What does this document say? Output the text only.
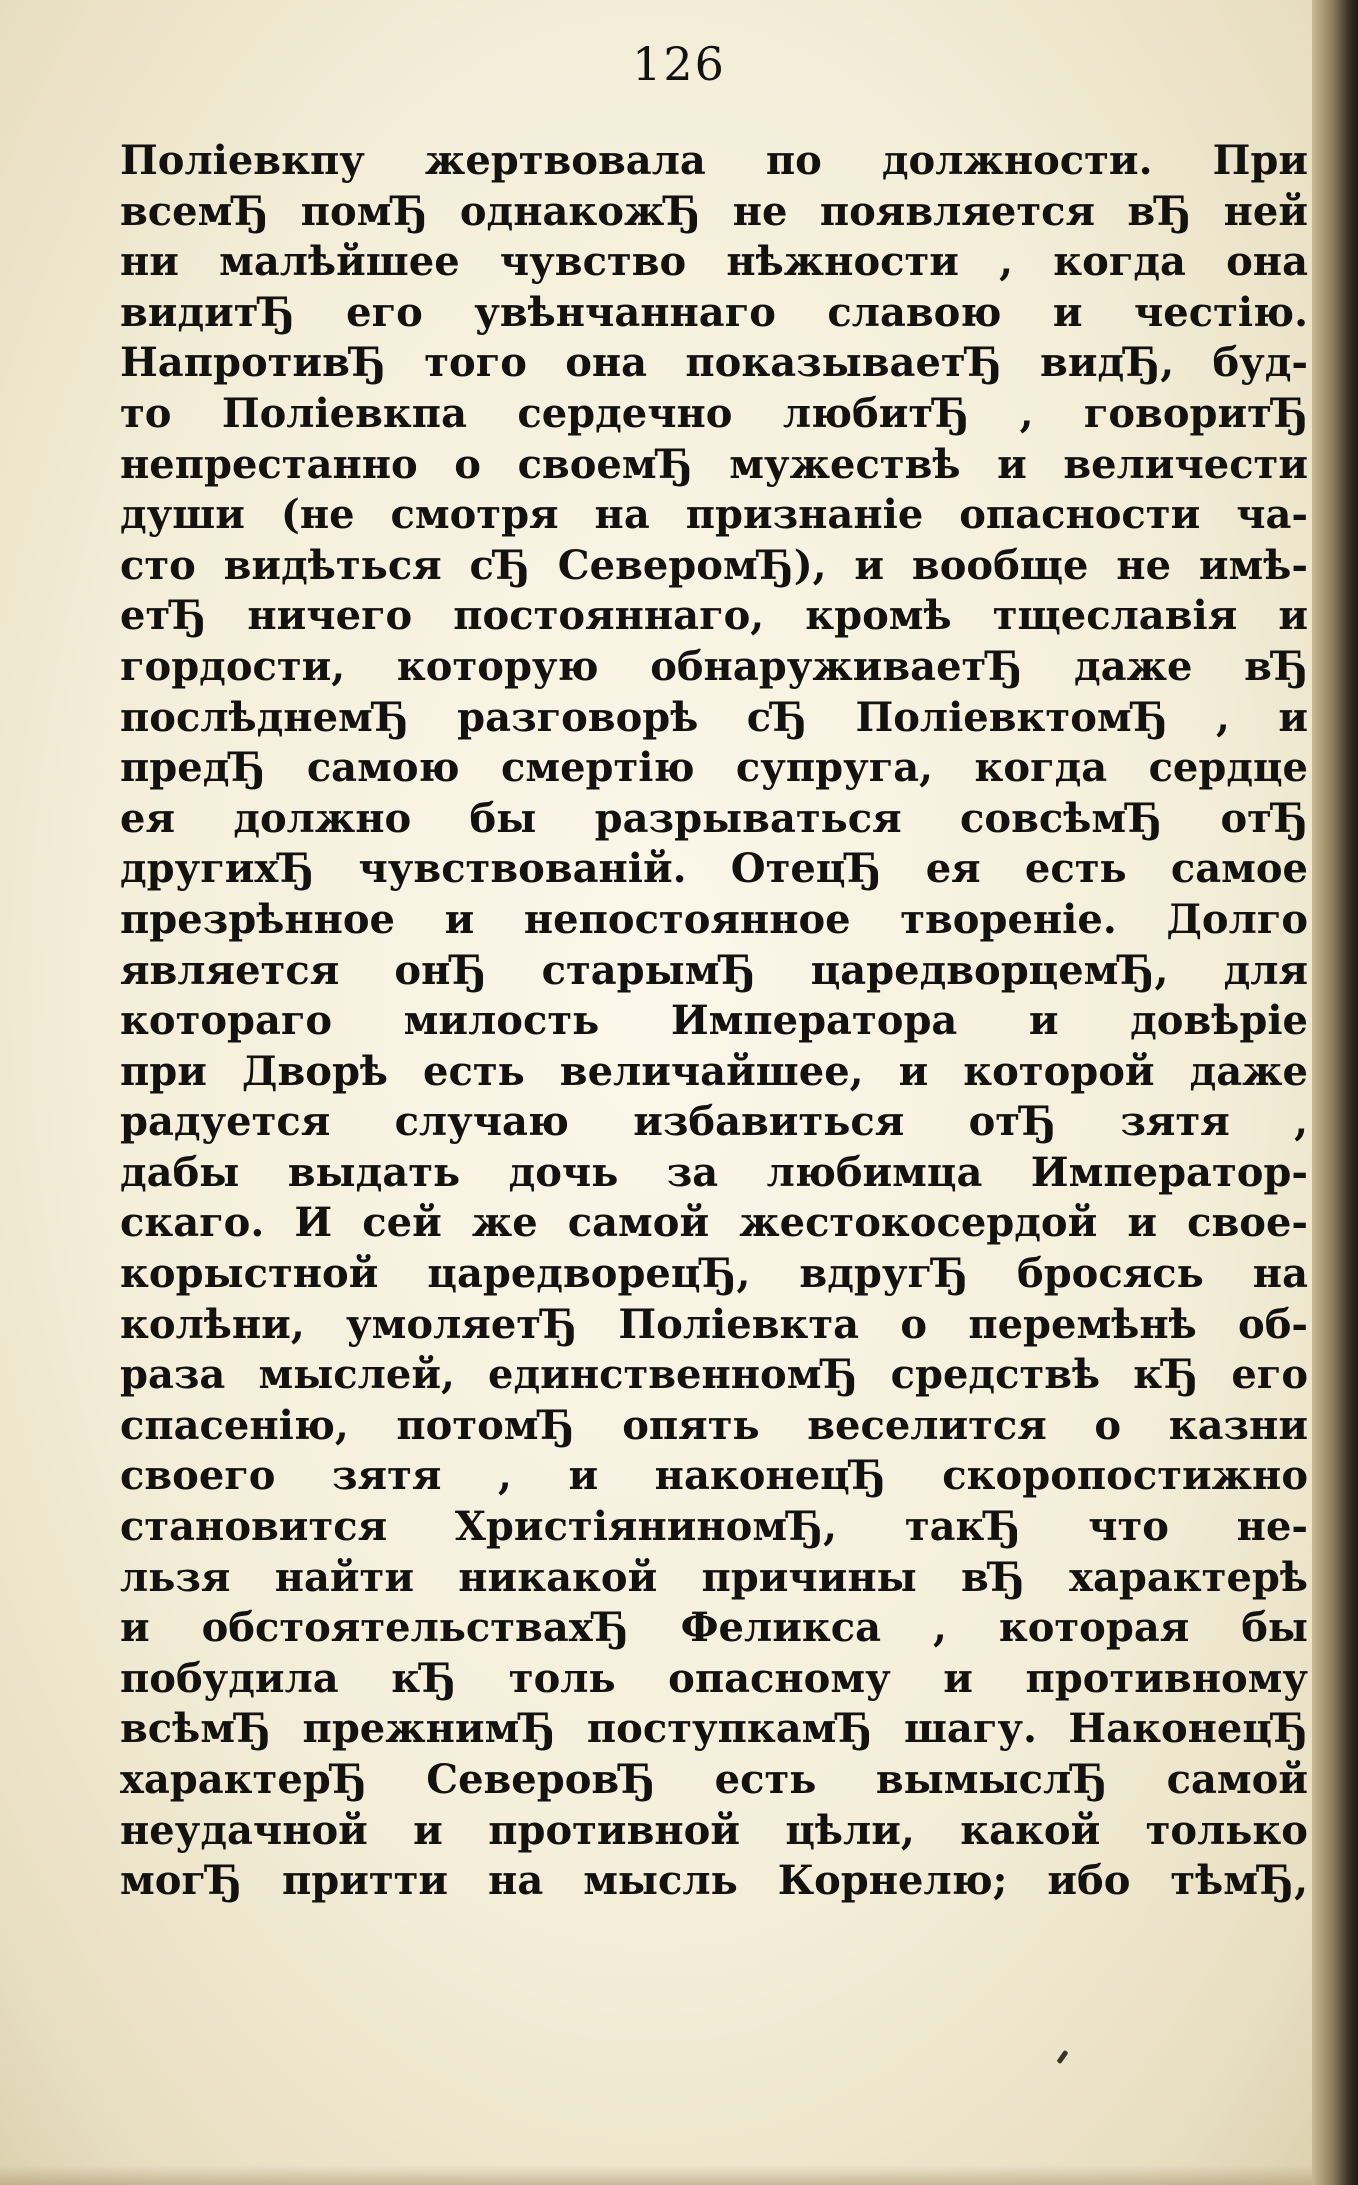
126
Поліевкпу жертвовала по должности. При
всемЂ помЂ однакожЂ не появляется вЂ ней
ни малѣйшее чувство нѣжности , когда она
видитЂ его увѣнчаннаго славою и честію.
НапротивЂ того она показываетЂ видЂ, буд-
то Поліевкпа сердечно любитЂ , говоритЂ
непрестанно о своемЂ мужествѣ и величести
души (не смотря на признаніе опасности ча-
сто видѣться сЂ СеверомЂ), и вообще не имѣ-
етЂ ничего постояннаго, кромѣ тщеславія и
гордости, которую обнаруживаетЂ даже вЂ
послѣднемЂ разговорѣ сЂ ПоліевктомЂ , и
предЂ самою смертію супруга, когда сердце
ея должно бы разрываться совсѣмЂ отЂ
другихЂ чувствованій. ОтецЂ ея есть самое
презрѣнное и непостоянное твореніе. Долго
является онЂ старымЂ царедворцемЂ, для
котораго милость Императора и довѣріе
при Дворѣ есть величайшее, и которой даже
радуется случаю избавиться отЂ зятя ,
дабы выдать дочь за любимца Император-
скаго. И сей же самой жестокосердой и свое-
корыстной царедворецЂ, вдругЂ бросясь на
колѣни, умоляетЂ Поліевкта о перемѣнѣ об-
раза мыслей, единственномЂ средствѣ кЂ его
спасенію, потомЂ опять веселится о казни
своего зятя , и наконецЂ скоропостижно
становится ХристіяниномЂ, такЂ что не-
льзя найти никакой причины вЂ характерѣ
и обстоятельствахЂ Феликса , которая бы
побудила кЂ толь опасному и противному
всѣмЂ прежнимЂ поступкамЂ шагу. НаконецЂ
характерЂ СеверовЂ есть вымыслЂ самой
неудачной и противной цѣли, какой только
могЂ притти на мысль Корнелю; ибо тѣмЂ,
